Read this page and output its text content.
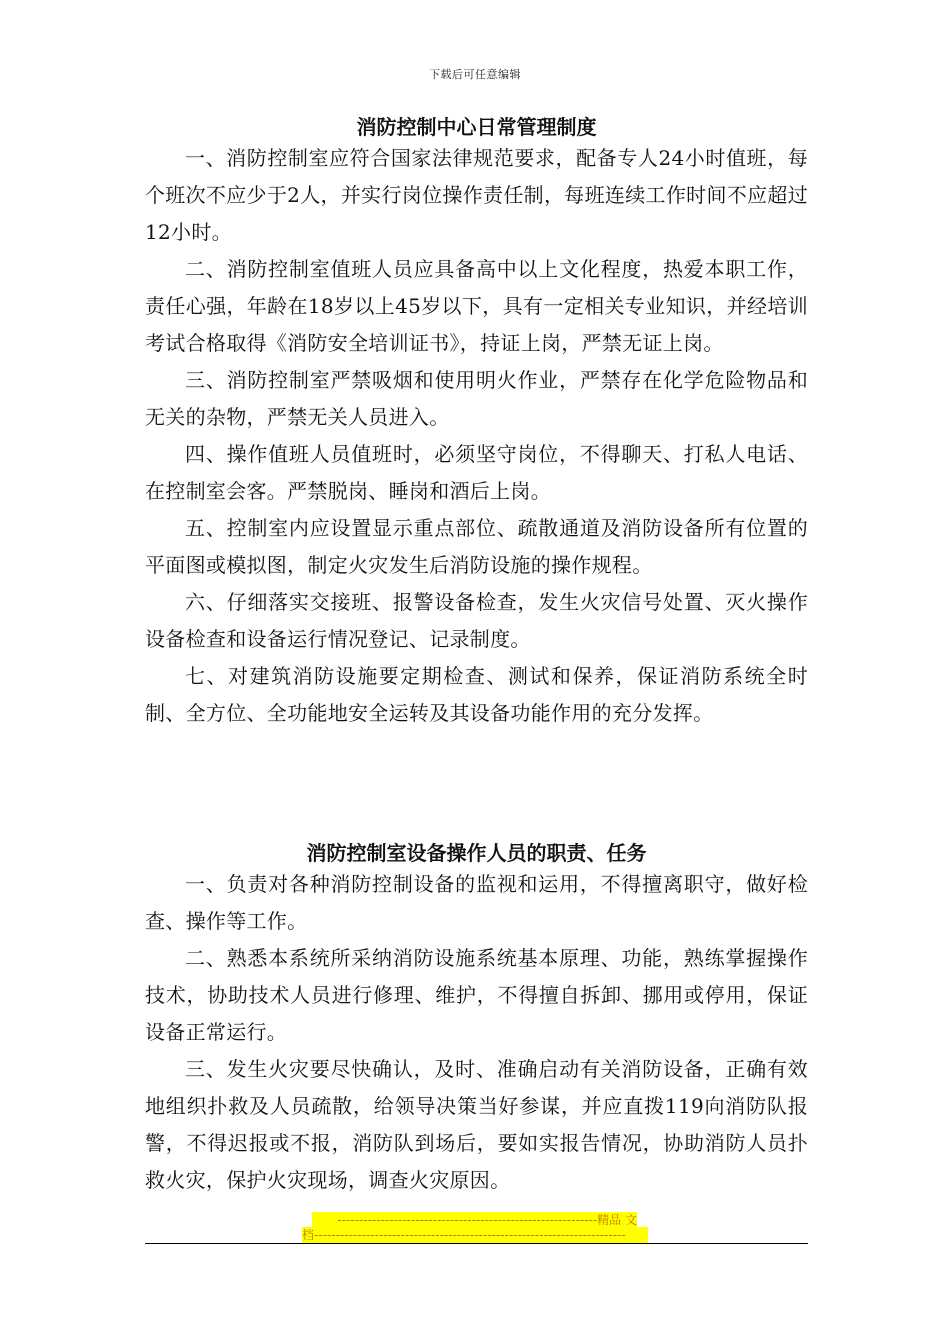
下载后可任意编辑
消防控制中心日常管理制度

一、消防控制室应符合国家法律规范要求，配备专人24小时值班，每个班次不应少于2人，并实行岗位操作责任制，每班连续工作时间不应超过12小时。

二、消防控制室值班人员应具备高中以上文化程度，热爱本职工作，责任心强，年龄在18岁以上45岁以下，具有一定相关专业知识，并经培训考试合格取得《消防安全培训证书》，持证上岗，严禁无证上岗。

三、消防控制室严禁吸烟和使用明火作业，严禁存在化学危险物品和无关的杂物，严禁无关人员进入。

四、操作值班人员值班时，必须坚守岗位，不得聊天、打私人电话、在控制室会客。严禁脱岗、睡岗和酒后上岗。

五、控制室内应设置显示重点部位、疏散通道及消防设备所有位置的平面图或模拟图，制定火灾发生后消防设施的操作规程。

六、仔细落实交接班、报警设备检查，发生火灾信号处置、灭火操作设备检查和设备运行情况登记、记录制度。

七、对建筑消防设施要定期检查、测试和保养，保证消防系统全时制、全方位、全功能地安全运转及其设备功能作用的充分发挥。

消防控制室设备操作人员的职责、任务

一、负责对各种消防控制设备的监视和运用，不得擅离职守，做好检查、操作等工作。

二、熟悉本系统所采纳消防设施系统基本原理、功能，熟练掌握操作技术，协助技术人员进行修理、维护，不得擅自拆卸、挪用或停用，保证设备正常运行。

三、发生火灾要尽快确认，及时、准确启动有关消防设备，正确有效地组织扑救及人员疏散，给领导决策当好参谋，并应直拨119向消防队报警，不得迟报或不报，消防队到场后，要如实报告情况，协助消防人员扑救火灾，保护火灾现场，调查火灾原因。

------------------------------------------------------------精品 文
档------------------------------------------------------------------------
